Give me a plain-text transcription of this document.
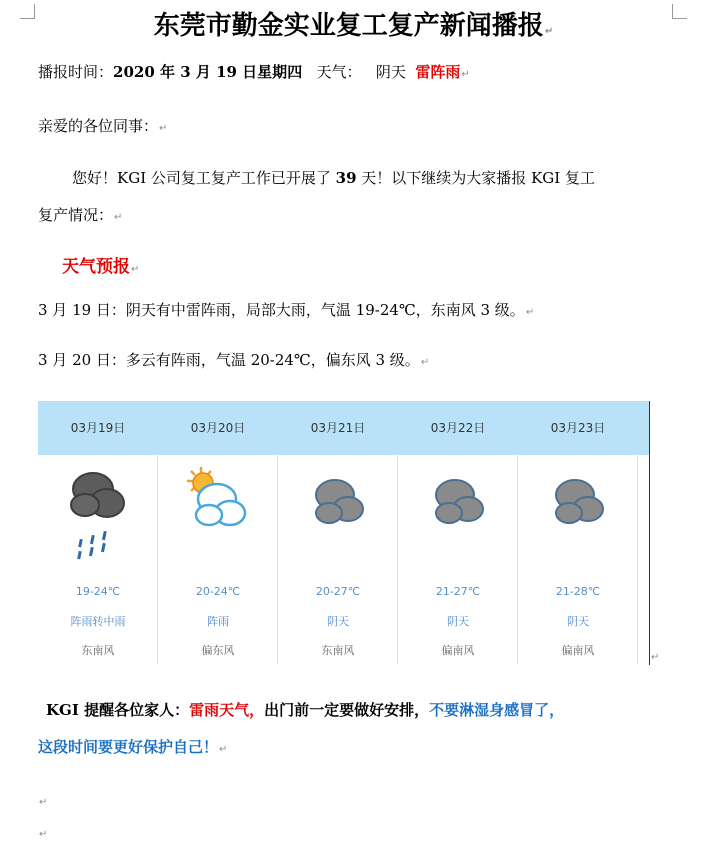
东莞市勤金实业复工复产新闻播报↵
播报时间：2020 年 3 月 19 日星期四 天气： 阴天 雷阵雨↵
亲爱的各位同事：↵
您好！KGI 公司复工复产工作已开展了 39 天！以下继续为大家播报 KGI 复工
复产情况：↵
天气预报↵
3 月 19 日：阴天有中雷阵雨，局部大雨，气温 19-24℃，东南风 3 级。↵
3 月 20 日：多云有阵雨，气温 20-24℃，偏东风 3 级。↵
03月19日
19-24℃
阵雨转中雨
东南风
03月20日
20-24℃
阵雨
偏东风
03月21日
20-27℃
阴天
东南风
03月22日
21-27℃
阴天
偏南风
03月23日
21-28℃
阴天
偏南风
↵
KGI 提醒各位家人：雷雨天气，出门前一定要做好安排，不要淋湿身感冒了，
这段时间要更好保护自己！↵
↵
↵
